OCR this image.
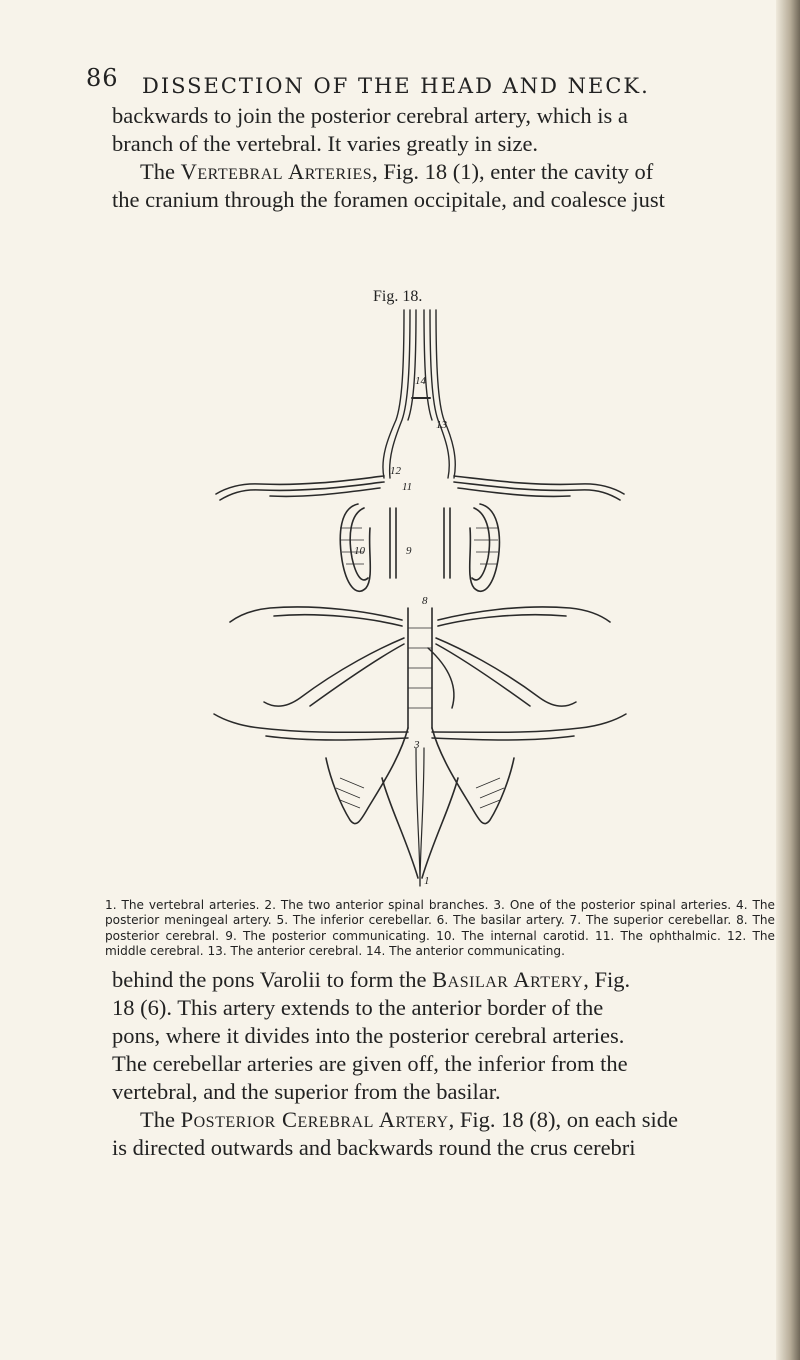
86 DISSECTION OF THE HEAD AND NECK.
backwards to join the posterior cerebral artery, which is a
branch of the vertebral. It varies greatly in size.
The Vertebral Arteries, Fig. 18 (1), enter the cavity of
the cranium through the foramen occipitale, and coalesce just
Fig. 18.
14
12
13
11
10	9
8
3
1

1. The vertebral arteries. 2. The two anterior spinal branches. 3. One of the posterior spinal arteries. 4. The posterior meningeal artery. 5. The inferior cerebellar. 6. The basilar artery. 7. The superior cerebellar. 8. The posterior cerebral. 9. The posterior communicating. 10. The internal carotid. 11. The ophthalmic. 12. The middle cerebral. 13. The anterior cerebral. 14. The anterior communicating.

behind the pons Varolii to form the Basilar Artery, Fig.
18 (6). This artery extends to the anterior border of the
pons, where it divides into the posterior cerebral arteries.
The cerebellar arteries are given off, the inferior from the
vertebral, and the superior from the basilar.
The Posterior Cerebral Artery, Fig. 18 (8), on each side
is directed outwards and backwards round the crus cerebri
